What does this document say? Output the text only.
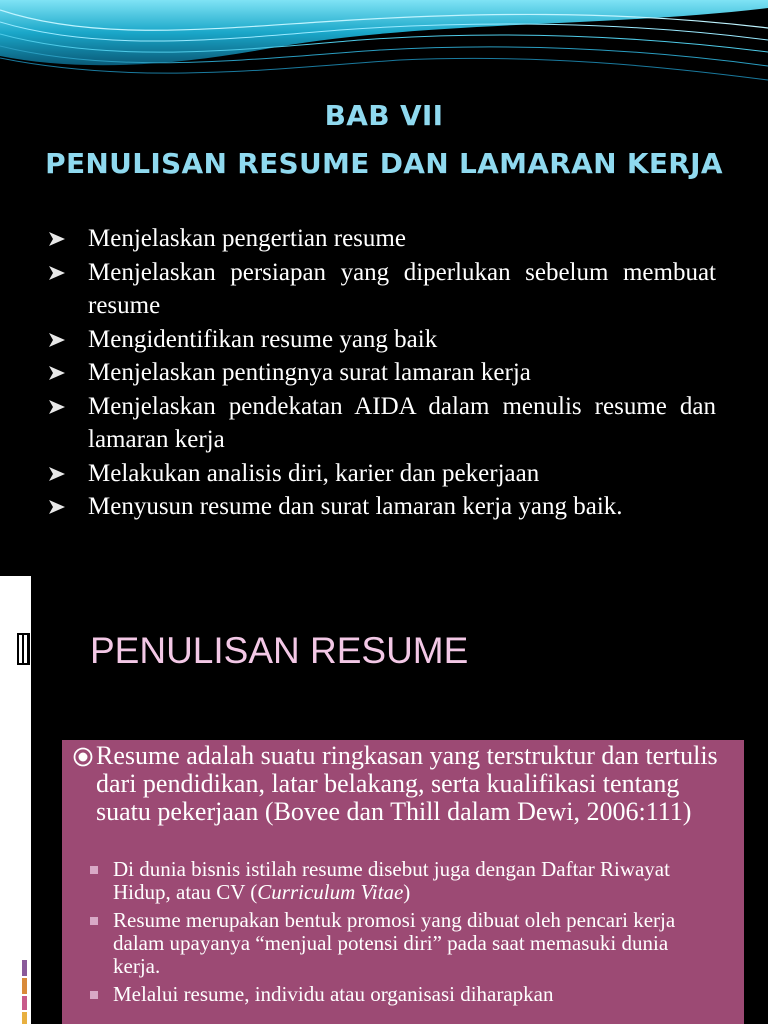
BAB VII
PENULISAN RESUME DAN LAMARAN KERJA
Menjelaskan pengertian resume
Menjelaskan persiapan yang diperlukan sebelum membuat resume
Mengidentifikan resume yang baik
Menjelaskan pentingnya surat lamaran kerja
Menjelaskan pendekatan AIDA dalam menulis resume dan lamaran kerja
Melakukan analisis diri, karier dan pekerjaan
Menyusun resume dan surat lamaran kerja yang baik.
PENULISAN RESUME
Resume adalah suatu ringkasan yang terstruktur dan tertulis dari pendidikan, latar belakang, serta kualifikasi tentang suatu pekerjaan (Bovee dan Thill dalam Dewi, 2006:111)
Di dunia bisnis istilah resume disebut juga dengan Daftar Riwayat Hidup, atau CV (Curriculum Vitae)
Resume merupakan bentuk promosi yang dibuat oleh pencari kerja dalam upayanya “menjual potensi diri” pada saat memasuki dunia kerja.
Melalui resume, individu atau organisasi diharapkan
